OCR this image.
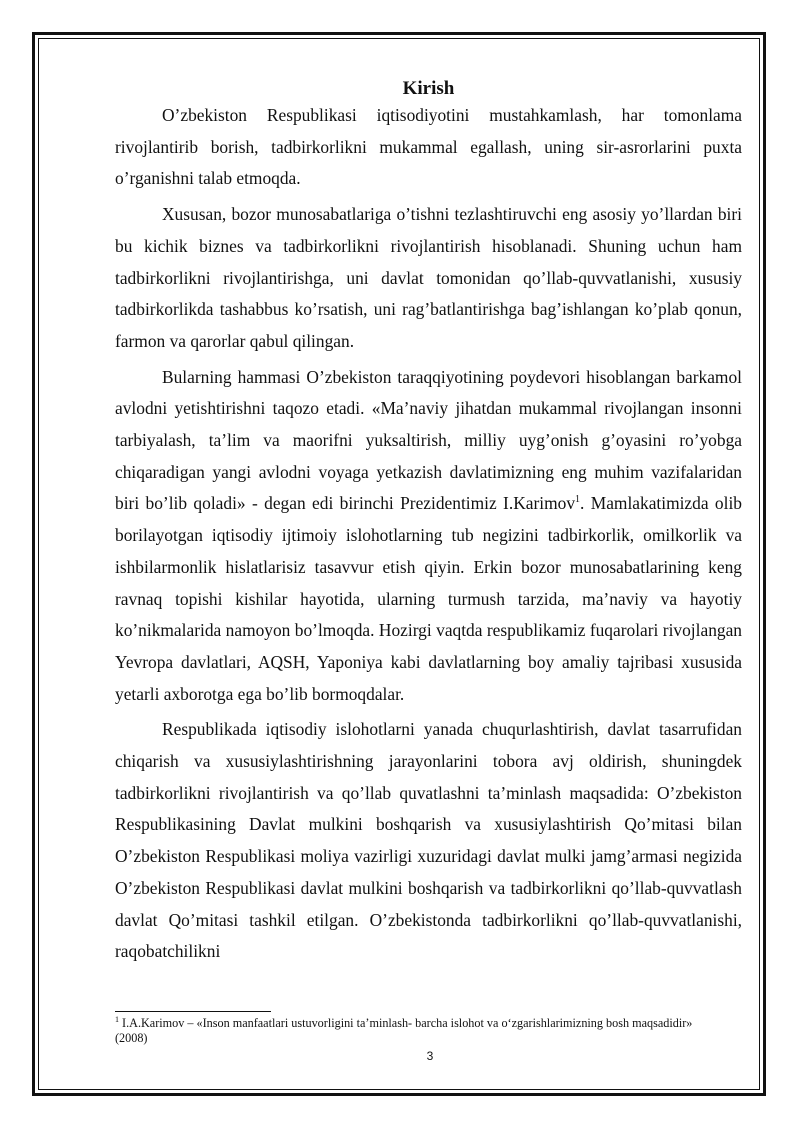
Kirish

O’zbekiston Respublikasi iqtisodiyotini mustahkamlash, har tomonlama rivojlantirib borish, tadbirkorlikni mukammal egallash, uning sir-asrorlarini puxta o’rganishni talab etmoqda.

Xususan, bozor munosabatlariga o’tishni tezlashtiruvchi eng asosiy yo’llardan biri bu kichik biznes va tadbirkorlikni rivojlantirish hisoblanadi. Shuning uchun ham tadbirkorlikni rivojlantirishga, uni davlat tomonidan qo’llab-quvvatlanishi, xususiy tadbirkorlikda tashabbus ko’rsatish, uni rag’batlantirishga bag’ishlangan ko’plab qonun, farmon va qarorlar qabul qilingan.

Bularning hammasi O’zbekiston taraqqiyotining poydevori hisoblangan barkamol avlodni yetishtirishni taqozo etadi. «Ma’naviy jihatdan mukammal rivojlangan insonni tarbiyalash, ta’lim va maorifni yuksaltirish, milliy uyg’onish g’oyasini ro’yobga chiqaradigan yangi avlodni voyaga yetkazish davlatimizning eng muhim vazifalaridan biri bo’lib qoladi» - degan edi birinchi Prezidentimiz I.Karimov$^1$. Mamlakatimizda olib borilayotgan iqtisodiy ijtimoiy islohotlarning tub negizini tadbirkorlik, omilkorlik va ishbilarmonlik hislatlarisiz tasavvur etish qiyin. Erkin bozor munosabatlarining keng ravnaq topishi kishilar hayotida, ularning turmush tarzida, ma’naviy va hayotiy ko’nikmalarida namoyon bo’lmoqda. Hozirgi vaqtda respublikamiz fuqarolari rivojlangan Yevropa davlatlari, AQSH, Yaponiya kabi davlatlarning boy amaliy tajribasi xususida yetarli axborotga ega bo’lib bormoqdalar.

Respublikada iqtisodiy islohotlarni yanada chuqurlashtirish, davlat tasarrufidan chiqarish va xususiylashtirishning jarayonlarini tobora avj oldirish, shuningdek tadbirkorlikni rivojlantirish va qo’llab quvatlashni ta’minlash maqsadida: O’zbekiston Respublikasining Davlat mulkini boshqarish va xususiylashtirish Qo’mitasi bilan O’zbekiston Respublikasi moliya vazirligi xuzuridagi davlat mulki jamg’armasi negizida O’zbekiston Respublikasi davlat mulkini boshqarish va tadbirkorlikni qo’llab-quvvatlash davlat Qo’mitasi tashkil etilgan. O’zbekistonda tadbirkorlikni qo’llab-quvvatlanishi, raqobatchilikni

$^1$ I.A.Karimov – «Inson manfaatlari ustuvorligini ta’minlash- barcha islohot va o‘zgarishlarimizning bosh maqsadidir» (2008)
3
